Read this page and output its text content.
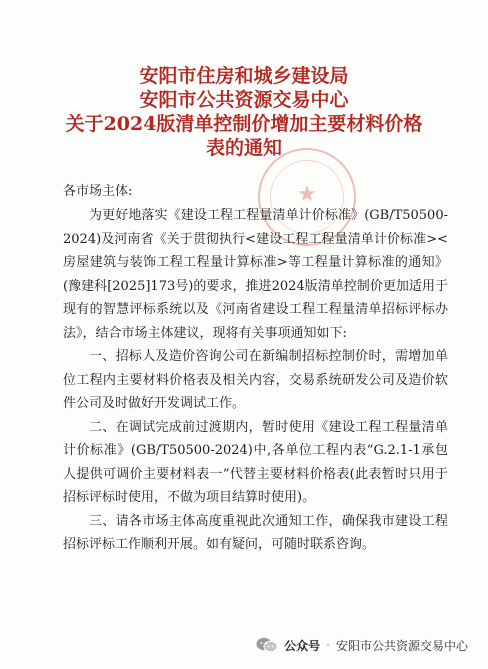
安阳市住房和城乡建设局
安阳市公共资源交易中心
关于2024版清单控制价增加主要材料价格
表的通知
★
各市场主体:

为更好地落实《建设工程工程量清单计价标准》(GB/T50500-2024)及河南省《关于贯彻执行<建设工程工程量清单计价标准><房屋建筑与装饰工程工程量计算标准>等工程量计算标准的通知》(豫建科[2025]173号)的要求，推进2024版清单控制价更加适用于现有的智慧评标系统以及《河南省建设工程工程量清单招标评标办法》，结合市场主体建议，现将有关事项通知如下:

一、招标人及造价咨询公司在新编制招标控制价时，需增加单位工程内主要材料价格表及相关内容，交易系统研发公司及造价软件公司及时做好开发调试工作。

二、在调试完成前过渡期内，暂时使用《建设工程工程量清单计价标准》(GB/T50500-2024)中,各单位工程内表“G.2.1-1承包人提供可调价主要材料表一”代替主要材料价格表(此表暂时只用于招标评标时使用，不做为项目结算时使用)。

三、请各市场主体高度重视此次通知工作，确保我市建设工程招标评标工作顺利开展。如有疑问，可随时联系咨询。

公众号 · 安阳市公共资源交易中心
